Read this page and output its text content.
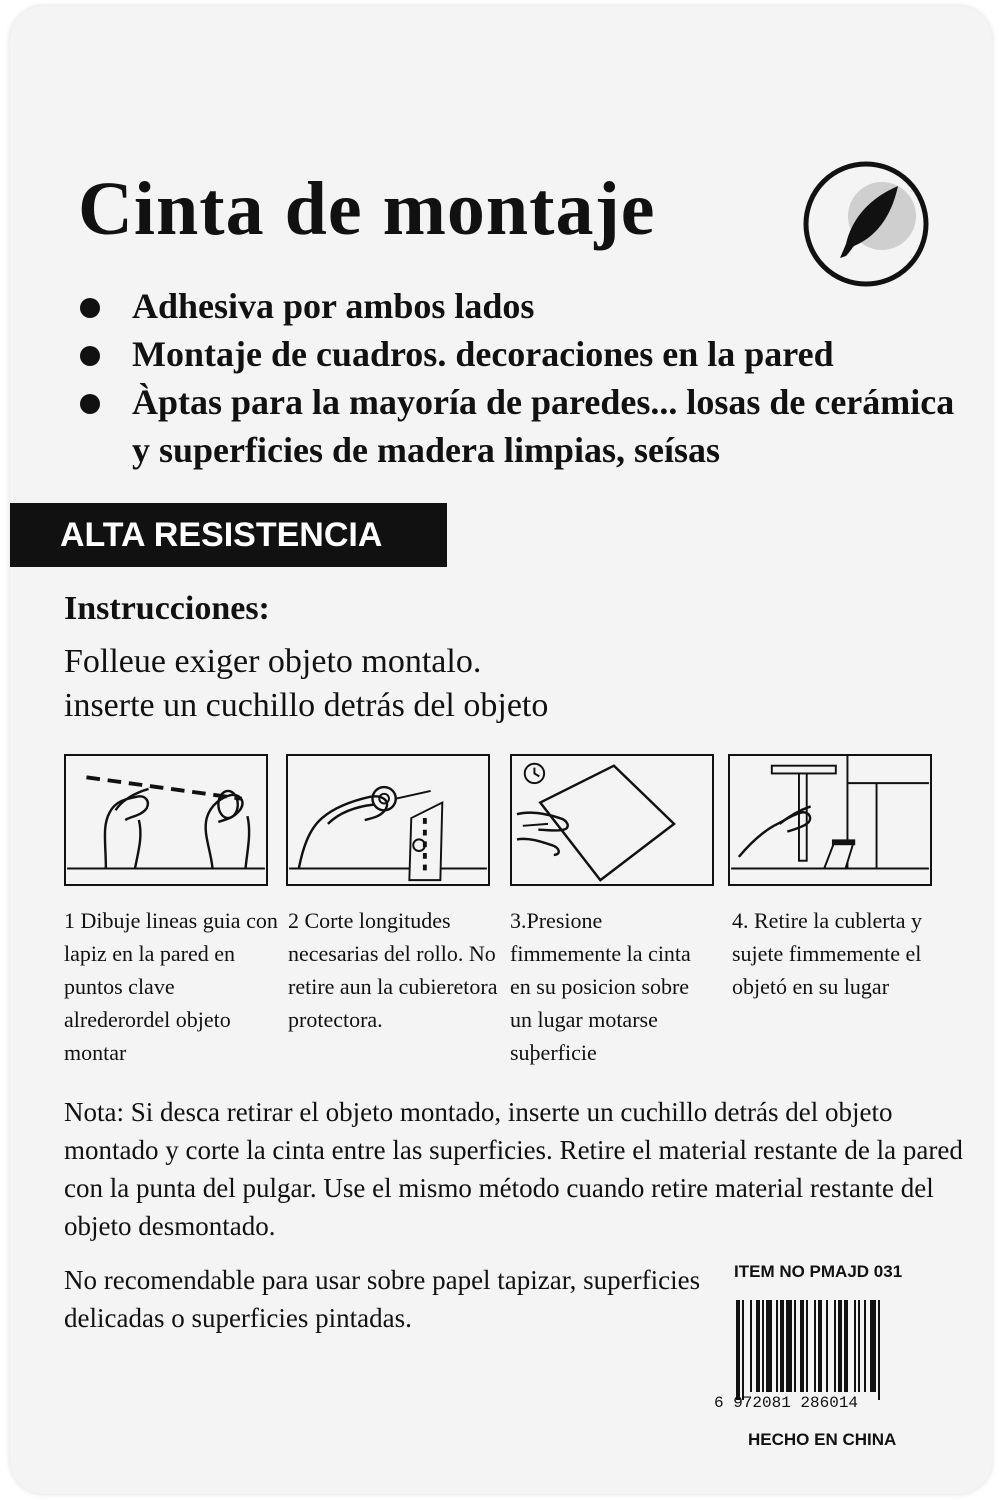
Cinta de montaje
Adhesiva por ambos lados
Montaje de cuadros. decoraciones en la pared
Àptas para la mayoría de paredes... losas de cerámica y superficies de madera limpias, seísas
ALTA RESISTENCIA
Instrucciones:
Folleue exiger objeto montalo.
inserte un cuchillo detrás del objeto
1 Dibuje lineas guia con lapiz en la pared en puntos clave alrederordel objeto montar
2 Corte longitudes necesarias del rollo. No retire aun la cubieretora protectora.
3.Presione fimmemente la cinta en su posicion sobre un lugar motarse suþerficie
4. Retire la cublerta y sujete fimmemente el objetó en su lugar
Nota: Si desca retirar el objeto montado, inserte un cuchillo detrás del objeto montado y corte la cinta entre las superficies. Retire el material restante de la pared con la punta del pulgar. Use el mismo método cuando retire material restante del objeto desmontado.
No recomendable para usar sobre papel tapizar, superficies delicadas o superficies pintadas.
ITEM NO PMAJD 031
6 972081 286014
HECHO EN CHINA
